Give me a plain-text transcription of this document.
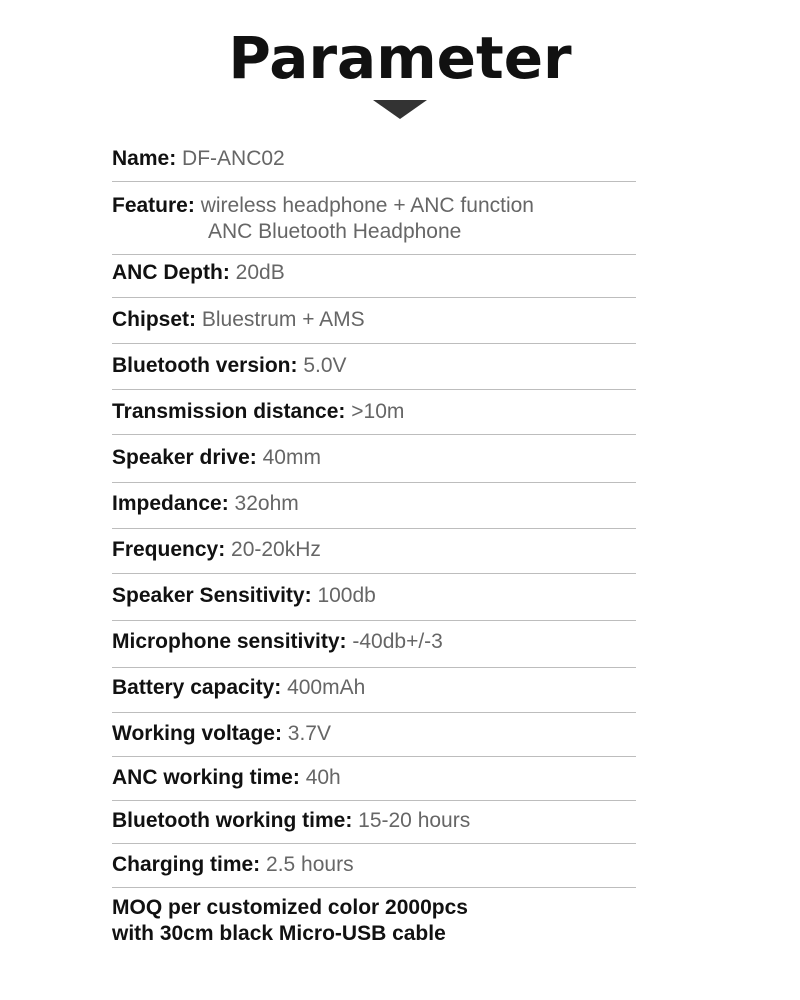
Parameter
Name: DF-ANC02
Feature: wireless headphone + ANC function
ANC Bluetooth Headphone
ANC Depth: 20dB
Chipset: Bluestrum + AMS
Bluetooth version: 5.0V
Transmission distance: >10m
Speaker drive: 40mm
Impedance: 32ohm
Frequency: 20-20kHz
Speaker Sensitivity: 100db
Microphone sensitivity: -40db+/-3
Battery capacity: 400mAh
Working voltage: 3.7V
ANC working time: 40h
Bluetooth working time: 15-20 hours
Charging time: 2.5 hours
MOQ per customized color 2000pcs
with 30cm black Micro-USB cable
